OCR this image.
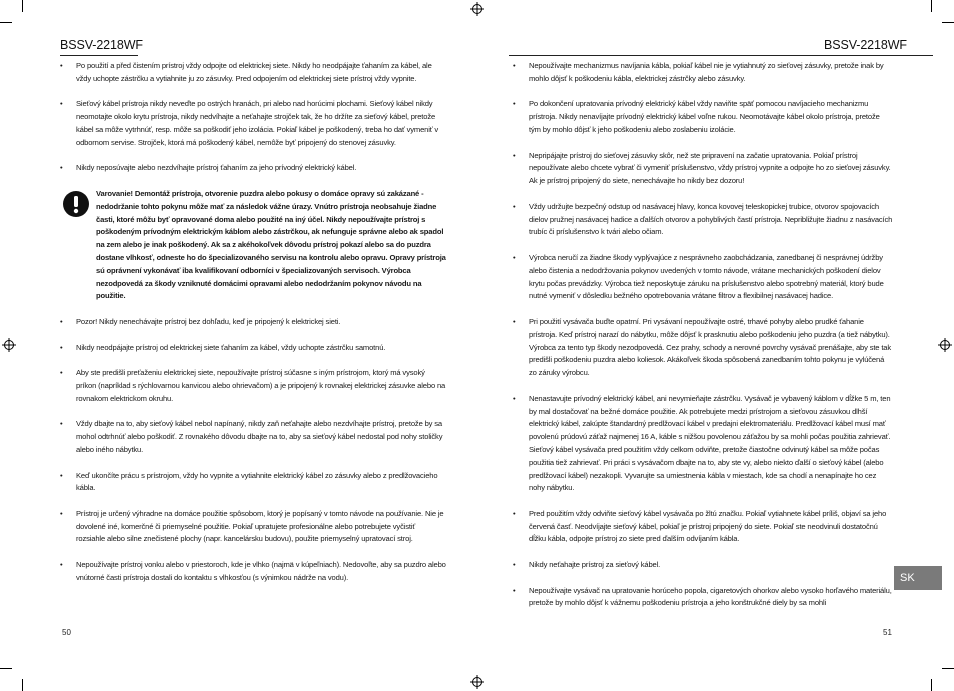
BSSV-2218WF
• Po použití a před čistením prístroj vždy odpojte od elektrickej siete. Nikdy ho neodpájajte ťahaním za kábel, ale vždy uchopte zástrčku a vytiahnite ju zo zásuvky. Pred odpojením od elektrickej siete prístroj vždy vypnite.
• Sieťový kábel prístroja nikdy neveďte po ostrých hranách, pri alebo nad horúcimi plochami. Sieťový kábel nikdy neomotajte okolo krytu prístroja, nikdy nedvíhajte a neťahajte strojček tak, že ho držíte za sieťový kábel, pretože kábel sa môže vytrhnúť, resp. môže sa poškodiť jeho izolácia. Pokiaľ kábel je poškodený, treba ho dať vymeniť v odbornom servise. Strojček, ktorá má poškodený kábel, nemôže byť pripojený do stenovej zásuvky.
• Nikdy neposúvajte alebo nezdvíhajte prístroj ťahaním za jeho prívodný elektrický kábel.
Varovanie! Demontáž prístroja, otvorenie puzdra alebo pokusy o domáce opravy sú zakázané - nedodržanie tohto pokynu môže mať za následok vážne úrazy. Vnútro prístroja neobsahuje žiadne časti, ktoré môžu byť opravované doma alebo použité na iný účel. Nikdy nepoužívajte prístroj s poškodeným prívodným elektrickým káblom alebo zástrčkou, ak nefunguje správne alebo ak spadol na zem alebo je inak poškodený. Ak sa z akéhokoľvek dôvodu prístroj pokazí alebo sa do puzdra dostane vlhkosť, odneste ho do špecializovaného servisu na kontrolu alebo opravu. Opravy prístroja sú oprávnení vykonávať iba kvalifikovaní odborníci v špecializovaných servisoch. Výrobca nezodpovedá za škody vzniknuté domácimi opravami alebo nedodržaním pokynov návodu na použitie.
• Pozor! Nikdy nenechávajte prístroj bez dohľadu, keď je pripojený k elektrickej sieti.
• Nikdy neodpájajte prístroj od elektrickej siete ťahaním za kábel, vždy uchopte zástrčku samotnú.
• Aby ste predišli preťaženiu elektrickej siete, nepoužívajte prístroj súčasne s iným prístrojom, ktorý má vysoký príkon (napríklad s rýchlovarnou kanvicou alebo ohrievačom) a je pripojený k rovnakej elektrickej zásuvke alebo na rovnakom elektrickom okruhu.
• Vždy dbajte na to, aby sieťový kábel nebol napínaný, nikdy zaň neťahajte alebo nezdvíhajte prístroj, pretože by sa mohol odtrhnúť alebo poškodiť. Z rovnakého dôvodu dbajte na to, aby sa sieťový kábel nedostal pod nohy stoličky alebo iného nábytku.
• Keď ukončíte prácu s prístrojom, vždy ho vypnite a vytiahnite elektrický kábel zo zásuvky alebo z predlžovacieho kábla.
• Prístroj je určený výhradne na domáce použitie spôsobom, ktorý je popísaný v tomto návode na používanie. Nie je dovolené iné, komerčné či priemyselné použitie. Pokiaľ upratujete profesionálne alebo potrebujete vyčistiť rozsiahle alebo silne znečistené plochy (napr. kancelársku budovu), použite priemyselný upratovací stroj.
• Nepoužívajte prístroj vonku alebo v priestoroch, kde je vlhko (najmä v kúpeľniach). Nedovoľte, aby sa puzdro alebo vnútorné časti prístroja dostali do kontaktu s vlhkosťou (s výnimkou nádrže na vodu).
50
BSSV-2218WF
• Nepoužívajte mechanizmus navíjania kábla, pokiaľ kábel nie je vytiahnutý zo sieťovej zásuvky, pretože inak by mohlo dôjsť k poškodeniu kábla, elektrickej zástrčky alebo zásuvky.
• Po dokončení upratovania prívodný elektrický kábel vždy naviňte späť pomocou navíjacieho mechanizmu prístroja. Nikdy nenavíjajte prívodný elektrický kábel voľne rukou. Neomotávajte kábel okolo prístroja, pretože tým by mohlo dôjsť k jeho poškodeniu alebo zoslabeniu izolácie.
• Nepripájajte prístroj do sieťovej zásuvky skôr, než ste pripravení na začatie upratovania. Pokiaľ prístroj nepoužívate alebo chcete vybrať či vymeniť príslušenstvo, vždy prístroj vypnite a odpojte ho zo sieťovej zásuvky. Ak je prístroj pripojený do siete, nenechávajte ho nikdy bez dozoru!
• Vždy udržujte bezpečný odstup od nasávacej hlavy, konca kovovej teleskopickej trubice, otvorov spojovacích dielov pružnej nasávacej hadice a ďalších otvorov a pohyblivých častí prístroja. Nepribližujte žiadnu z nasávacích trubíc či príslušenstvo k tvári alebo očiam.
• Výrobca neručí za žiadne škody vyplývajúce z nesprávneho zaobchádzania, zanedbanej či nesprávnej údržby alebo čistenia a nedodržovania pokynov uvedených v tomto návode, vrátane mechanických poškodení dielov krytu počas prevádzky. Výrobca tiež neposkytuje záruku na príslušenstvo alebo spotrebný materiál, ktorý bude nutné vymeniť v dôsledku bežného opotrebovania vrátane filtrov a flexibilnej nasávacej hadice.
• Pri použití vysávača buďte opatrní. Pri vysávaní nepoužívajte ostré, trhavé pohyby alebo prudké ťahanie prístroja. Keď prístroj narazí do nábytku, môže dôjsť k prasknutiu alebo poškodeniu jeho puzdra (a tiež nábytku). Výrobca za tento typ škody nezodpovedá. Cez prahy, schody a nerovné povrchy vysávač prenášajte, aby ste tak predišli poškodeniu puzdra alebo koliesok. Akákoľvek škoda spôsobená zanedbaním tohto pokynu je vylúčená zo záruky výrobcu.
• Nenastavujte prívodný elektrický kábel, ani nevymieňajte zástrčku. Vysávač je vybavený káblom v dĺžke 5 m, ten by mal dostačovať na bežné domáce použitie. Ak potrebujete medzi prístrojom a sieťovou zásuvkou dlhší elektrický kábel, zakúpte štandardný predlžovací kábel v predajni elektromateriálu. Predlžovací kábel musí mať povolenú prúdovú záťaž najmenej 16 A, káble s nižšou povolenou záťažou by sa mohli počas použitia zahrievať. Sieťový kábel vysávača pred použitím vždy celkom odviňte, pretože čiastočne odvinutý kábel sa môže počas použitia tiež zahrievať. Pri práci s vysávačom dbajte na to, aby ste vy, alebo niekto ďalší o sieťový kábel (alebo predlžovací kábel) nezakopli. Vyvarujte sa umiestnenia kábla v miestach, kde sa chodí a nenapínajte ho cez nohy nábytku.
• Pred použitím vždy odviňte sieťový kábel vysávača po žltú značku. Pokiaľ vytiahnete kábel príliš, objaví sa jeho červená časť. Neodvíjajte sieťový kábel, pokiaľ je prístroj pripojený do siete. Pokiaľ ste neodvinuli dostatočnú dĺžku kábla, odpojte prístroj zo siete pred ďalším odvíjaním kábla.
• Nikdy neťahajte prístroj za sieťový kábel.
• Nepoužívajte vysávač na upratovanie horúceho popola, cigaretových ohorkov alebo vysoko horľavého materiálu, pretože by mohlo dôjsť k vážnemu poškodeniu prístroja a jeho konštrukčné diely by sa mohli
SK
51
